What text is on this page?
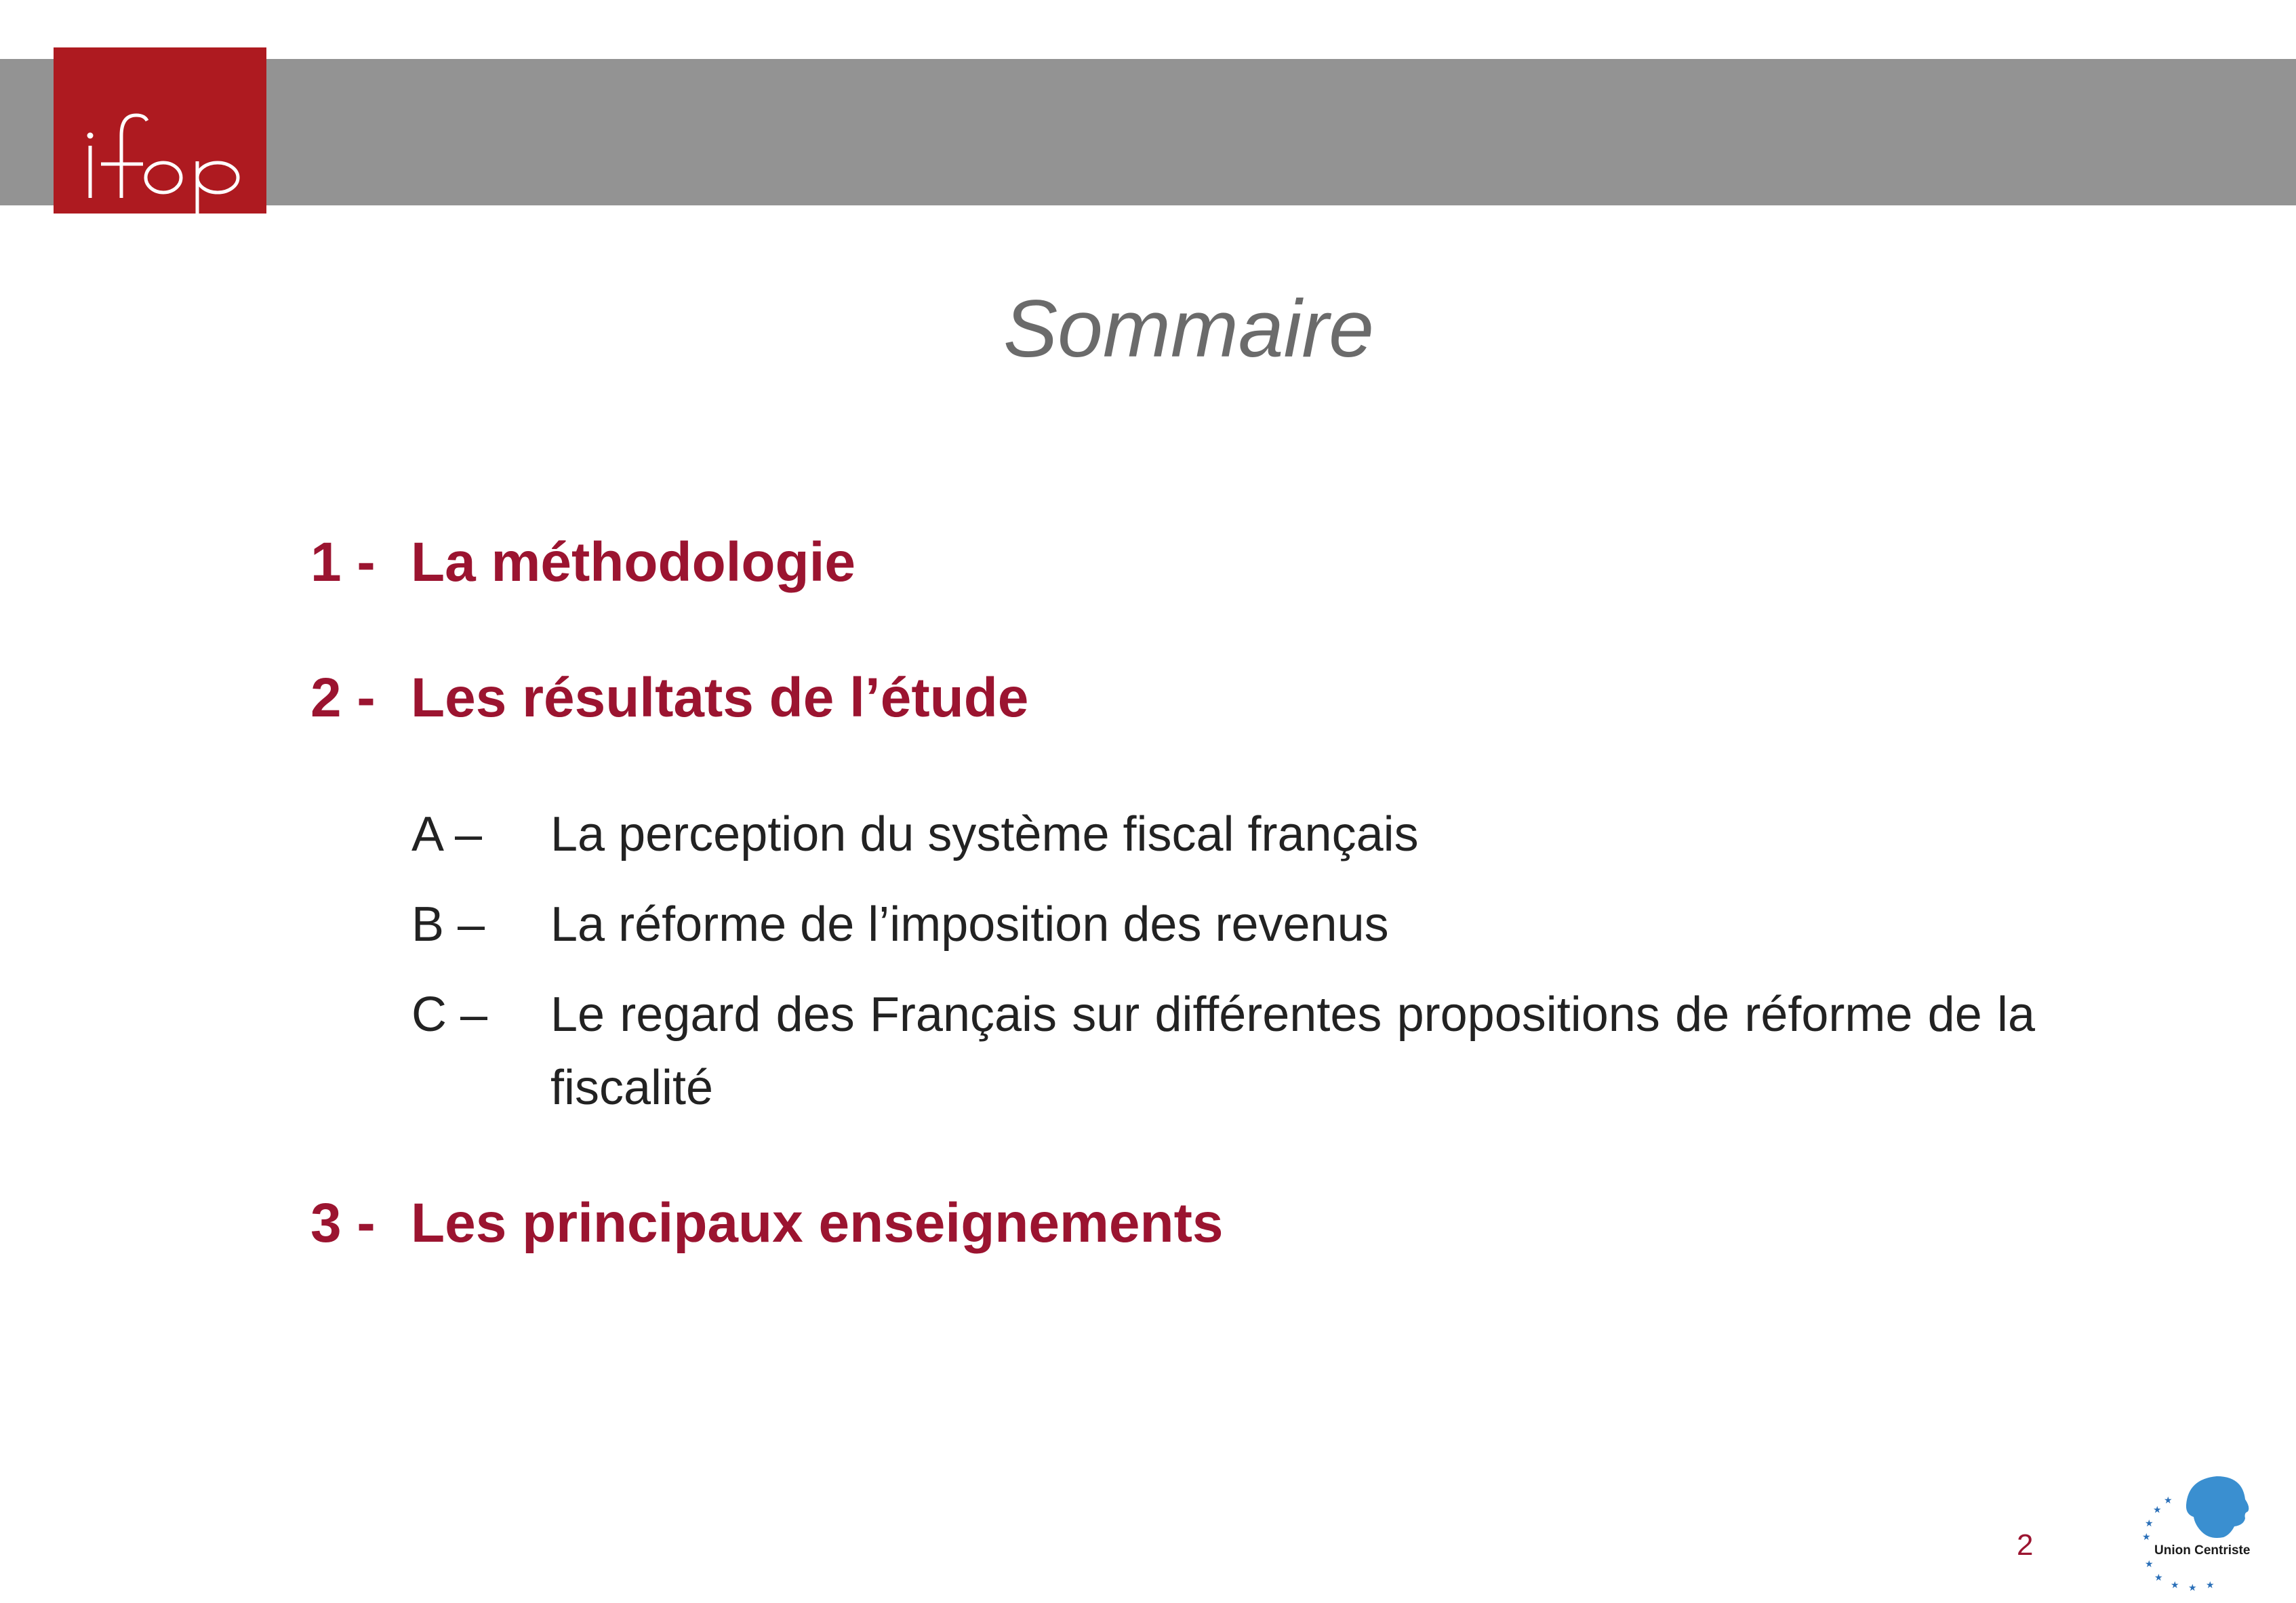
Sommaire
1 - La méthodologie
2 - Les résultats de l’étude
A – La perception du système fiscal français
B – La réforme de l’imposition des revenus
C – Le regard des Français sur différentes propositions de réforme de la fiscalité
3 - Les principaux enseignements
2
★
★
★
★
★
★
★ ★ ★
Union Centriste
